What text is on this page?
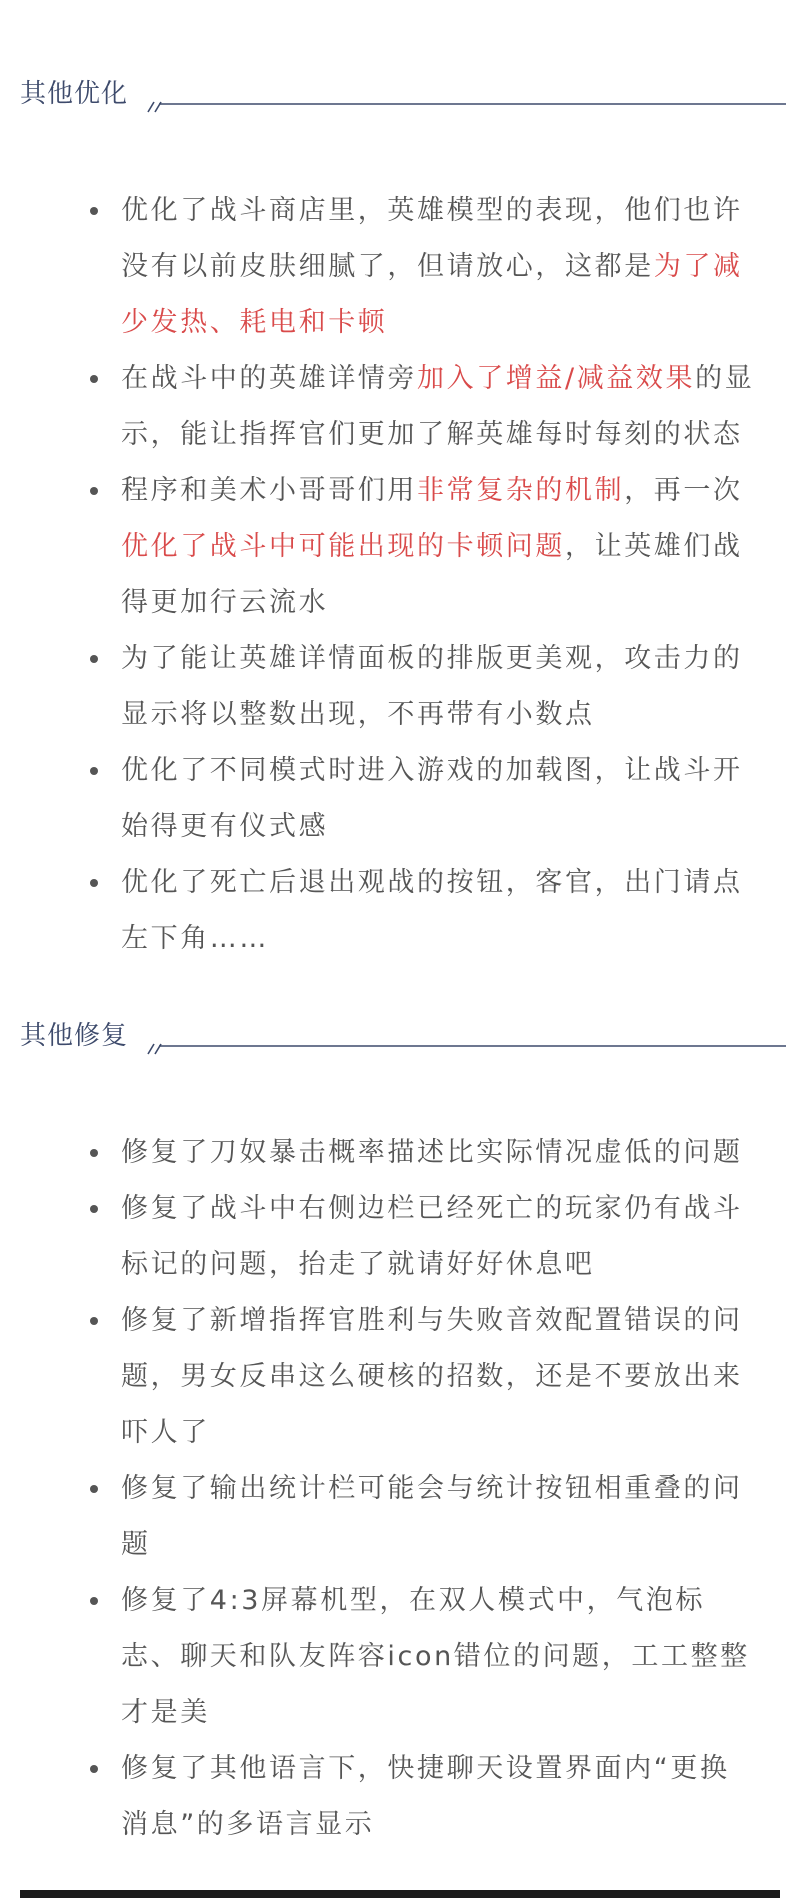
其他优化
优化了战斗商店里，英雄模型的表现，他们也许没有以前皮肤细腻了，但请放心，这都是为了减少发热、耗电和卡顿
在战斗中的英雄详情旁加入了增益/减益效果的显示，能让指挥官们更加了解英雄每时每刻的状态
程序和美术小哥哥们用非常复杂的机制，再一次优化了战斗中可能出现的卡顿问题，让英雄们战得更加行云流水
为了能让英雄详情面板的排版更美观，攻击力的显示将以整数出现，不再带有小数点
优化了不同模式时进入游戏的加载图，让战斗开始得更有仪式感
优化了死亡后退出观战的按钮，客官，出门请点左下角……
其他修复
修复了刀奴暴击概率描述比实际情况虚低的问题
修复了战斗中右侧边栏已经死亡的玩家仍有战斗标记的问题，抬走了就请好好休息吧
修复了新增指挥官胜利与失败音效配置错误的问题，男女反串这么硬核的招数，还是不要放出来吓人了
修复了输出统计栏可能会与统计按钮相重叠的问题
修复了4:3屏幕机型，在双人模式中，气泡标志、聊天和队友阵容icon错位的问题，工工整整才是美
修复了其他语言下，快捷聊天设置界面内“更换消息”的多语言显示
